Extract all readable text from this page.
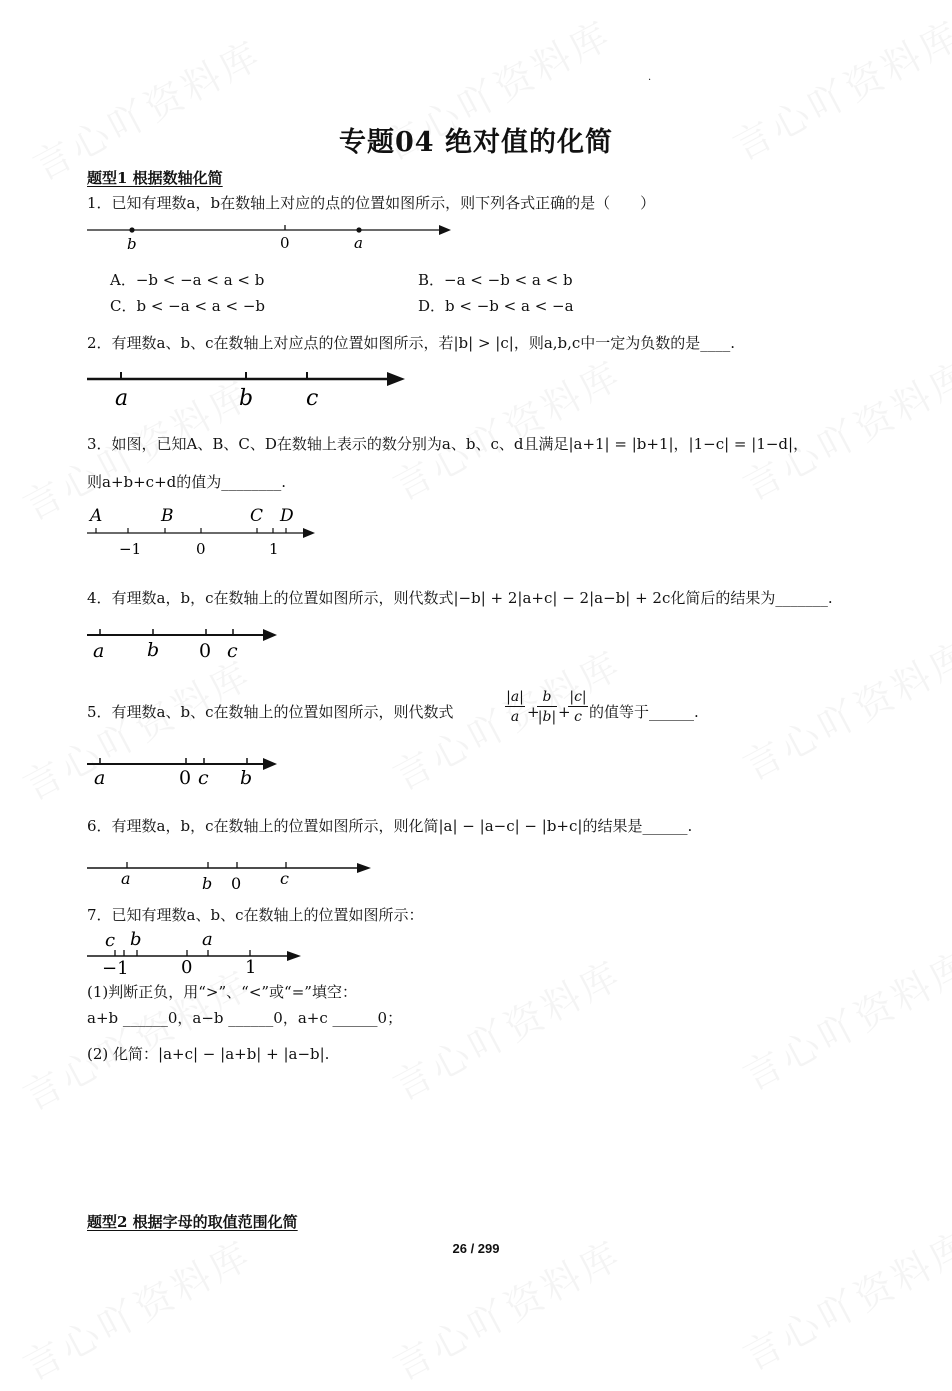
.
专题04 绝对值的化简
题型1 根据数轴化简
1．已知有理数a，b在数轴上对应的点的位置如图所示，则下列各式正确的是（　　）
b	0	a
A．−b < −a < a < b	B．−a < −b < a < b
C．b < −a < a < −b	D．b < −b < a < −a
2．有理数a、b、c在数轴上对应点的位置如图所示，若|b| > |c|，则a,b,c中一定为负数的是____.
a	b c
3．如图，已知A、B、C、D在数轴上表示的数分别为a、b、c、d且满足|a+1| = |b+1|，|1−c| = |1−d|，
则a+b+c+d的值为________.
A	B	C D
−1	0	1
4．有理数a，b，c在数轴上的位置如图所示，则代数式|−b| + 2|a+c| − 2|a−b| + 2c化简后的结果为_______.
a b 0 c
5．有理数a、b、c在数轴上的位置如图所示，则代数式	$\frac{|a|}{a}$ +
$\frac{b}{|b|}$ +
$\frac{|c|}{c}$ 的值等于______.
a	0 c b
6．有理数a，b，c在数轴上的位置如图所示，则化简|a| − |a−c| − |b+c|的结果是______.
a	b 0 c
7．已知有理数a、b、c在数轴上的位置如图所示：
c b	a
−1	0	1
(1)判断正负，用“>”、“<”或“=”填空：
a+b ______0，a−b ______0，a+c ______0；
(2) 化简：|a+c| − |a+b| + |a−b|.
题型2 根据字母的取值范围化简
26 / 299
